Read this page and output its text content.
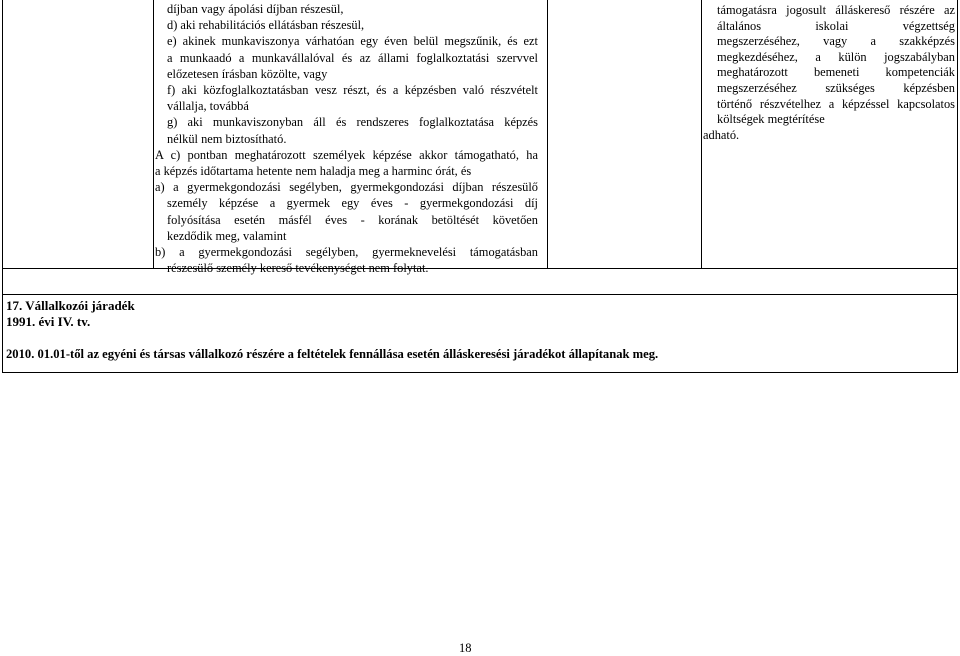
díjban vagy ápolási díjban részesül,

d) aki rehabilitációs ellátásban részesül,

e) akinek munkaviszonya várhatóan egy éven belül megszűnik, és ezt

a munkaadó a munkavállalóval és az állami foglalkoztatási szervvel

előzetesen írásban közölte, vagy

f) aki közfoglalkoztatásban vesz részt, és a képzésben való részvételt

vállalja, továbbá

g) aki munkaviszonyban áll és rendszeres foglalkoztatása képzés

nélkül nem biztosítható.

A c) pontban meghatározott személyek képzése akkor támogatható, ha

a képzés időtartama hetente nem haladja meg a harminc órát, és

a) a gyermekgondozási segélyben, gyermekgondozási díjban részesülő

személy képzése a gyermek egy éves - gyermekgondozási díj

folyósítása esetén másfél éves - korának betöltését követően

kezdődik meg, valamint

b) a gyermekgondozási segélyben, gyermeknevelési támogatásban

részesülő személy kereső tevékenységet nem folytat.

támogatásra jogosult álláskereső részére az

általános iskolai végzettség

megszerzéséhez, vagy a szakképzés

megkezdéséhez, a külön jogszabályban

meghatározott bemeneti kompetenciák

megszerzéséhez szükséges képzésben

történő részvételhez a képzéssel kapcsolatos

költségek megtérítése

adható.

17. Vállalkozói járadék

1991. évi IV. tv.

2010. 01.01-től az egyéni és társas vállalkozó részére a feltételek fennállása esetén álláskeresési járadékot állapítanak meg.

18
